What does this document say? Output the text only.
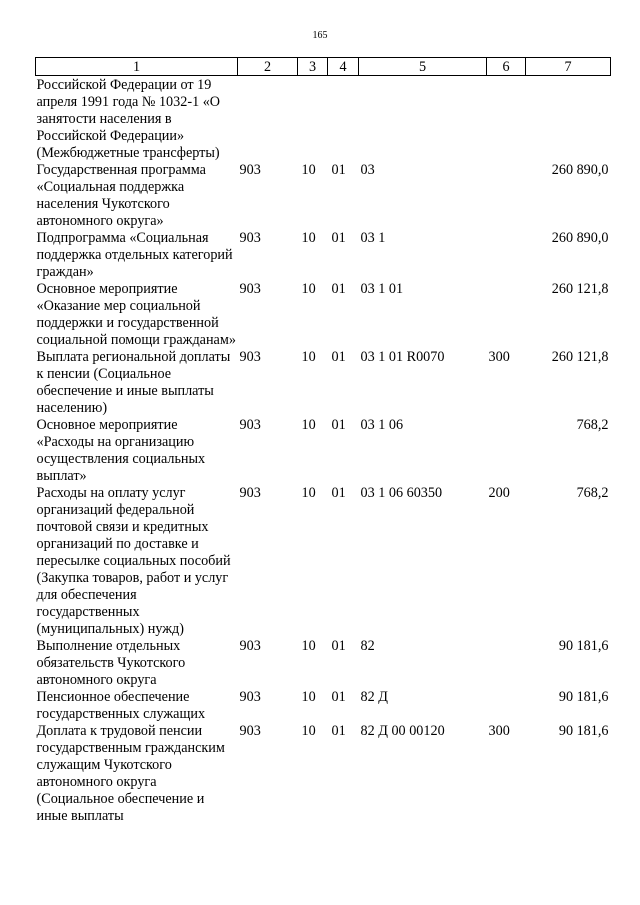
165
1	2	3	4	5	6	7
Российской Федерации от 19 апреля 1991 года № 1032-1 «О занятости населения в Российской Федерации» (Межбюджетные трансферты)						
Государственная программа «Социальная поддержка населения Чукотского автономного округа»	903	10	01	03		260 890,0
Подпрограмма «Социальная поддержка отдельных категорий граждан»	903	10	01	03 1		260 890,0
Основное мероприятие «Оказание мер социальной поддержки и государственной социальной помощи гражданам»	903	10	01	03 1 01		260 121,8
Выплата региональной доплаты к пенсии (Социальное обеспечение и иные выплаты населению)	903	10	01	03 1 01 R0070	300	260 121,8
Основное мероприятие «Расходы на организацию осуществления социальных выплат»	903	10	01	03 1 06		768,2
Расходы на оплату услуг организаций федеральной почтовой связи и кредитных организаций по доставке и пересылке социальных пособий (Закупка товаров, работ и услуг для обеспечения государственных (муниципальных) нужд)	903	10	01	03 1 06 60350	200	768,2
Выполнение отдельных обязательств Чукотского автономного округа	903	10	01	82		90 181,6
Пенсионное обеспечение государственных служащих	903	10	01	82 Д		90 181,6
Доплата к трудовой пенсии государственным гражданским служащим Чукотского автономного округа (Социальное обеспечение и иные выплаты	903	10	01	82 Д 00 00120	300	90 181,6
